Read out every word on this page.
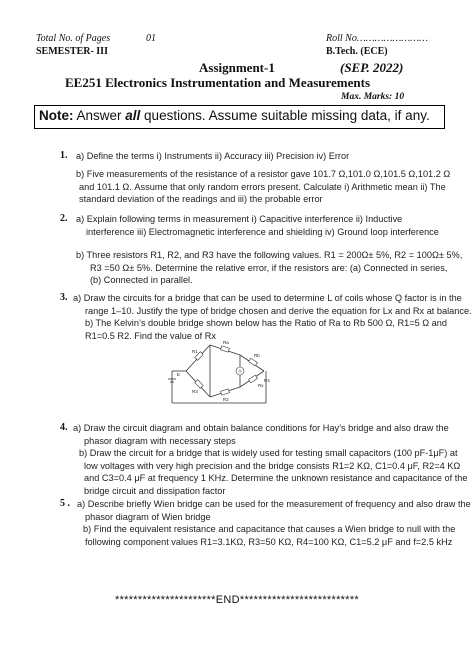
Total No. of Pages	01	Roll No……………………
SEMESTER- III	B.Tech. (ECE)
Assignment-1	(SEP. 2022)
EE251 Electronics Instrumentation and Measurements
Max. Marks: 10
Note: Answer all questions. Assume suitable missing data, if any.
1. a) Define the terms i) Instruments ii) Accuracy iii) Precision iv) Error
b) Five measurements of the resistance of a resistor gave 101.7 Ω,101.0 Ω,101.5 Ω,101.2 Ω
and 101.1 Ω. Assume that only random errors present. Calculate i) Arithmetic mean ii) The
standard deviation of the readings and iii) the probable error
2. a) Explain following terms in measurement i) Capacitive interference ii) Inductive
interference iii) Electromagnetic interference and shielding iv) Ground loop interference
b) Three resistors R1, R2, and R3 have the following values. R1 = 200Ω± 5%, R2 = 100Ω± 5%,
R3 =50 Ω± 5%. Determine the relative error, if the resistors are: (a) Connected in series,
(b) Connected in parallel.
3. a) Draw the circuits for a bridge that can be used to determine L of coils whose Q factor is in the
range 1–10. Justify the type of bridge chosen and derive the equation for Lx and Rx at balance.
b) The Kelvin’s double bridge shown below has the Ratio of Ra to Rb 500 Ω, R1=5 Ω and
R1=0.5 R2. Find the value of Rx
R1
Ra
Rb
R3
R2
E
Rx
R4
G
4. a) Draw the circuit diagram and obtain balance conditions for Hay’s bridge and also draw the
phasor diagram with necessary steps
b) Draw the circuit for a bridge that is widely used for testing small capacitors (100 pF-1μF) at
low voltages with very high precision and the bridge consists R1=2 KΩ, C1=0.4 μF, R2=4 KΩ
and C3=0.4 μF at frequency 1 KHz. Determine the unknown resistance and capacitance of the
bridge circuit and dissipation factor
5 . a) Describe briefly Wien bridge can be used for the measurement of frequency and also draw the
phasor diagram of Wien bridge
b) Find the equivalent resistance and capacitance that causes a Wien bridge to null with the
following component values R1=3.1KΩ, R3=50 KΩ, R4=100 KΩ, C1=5.2 μF and f=2.5 kHz
**********************END**************************
